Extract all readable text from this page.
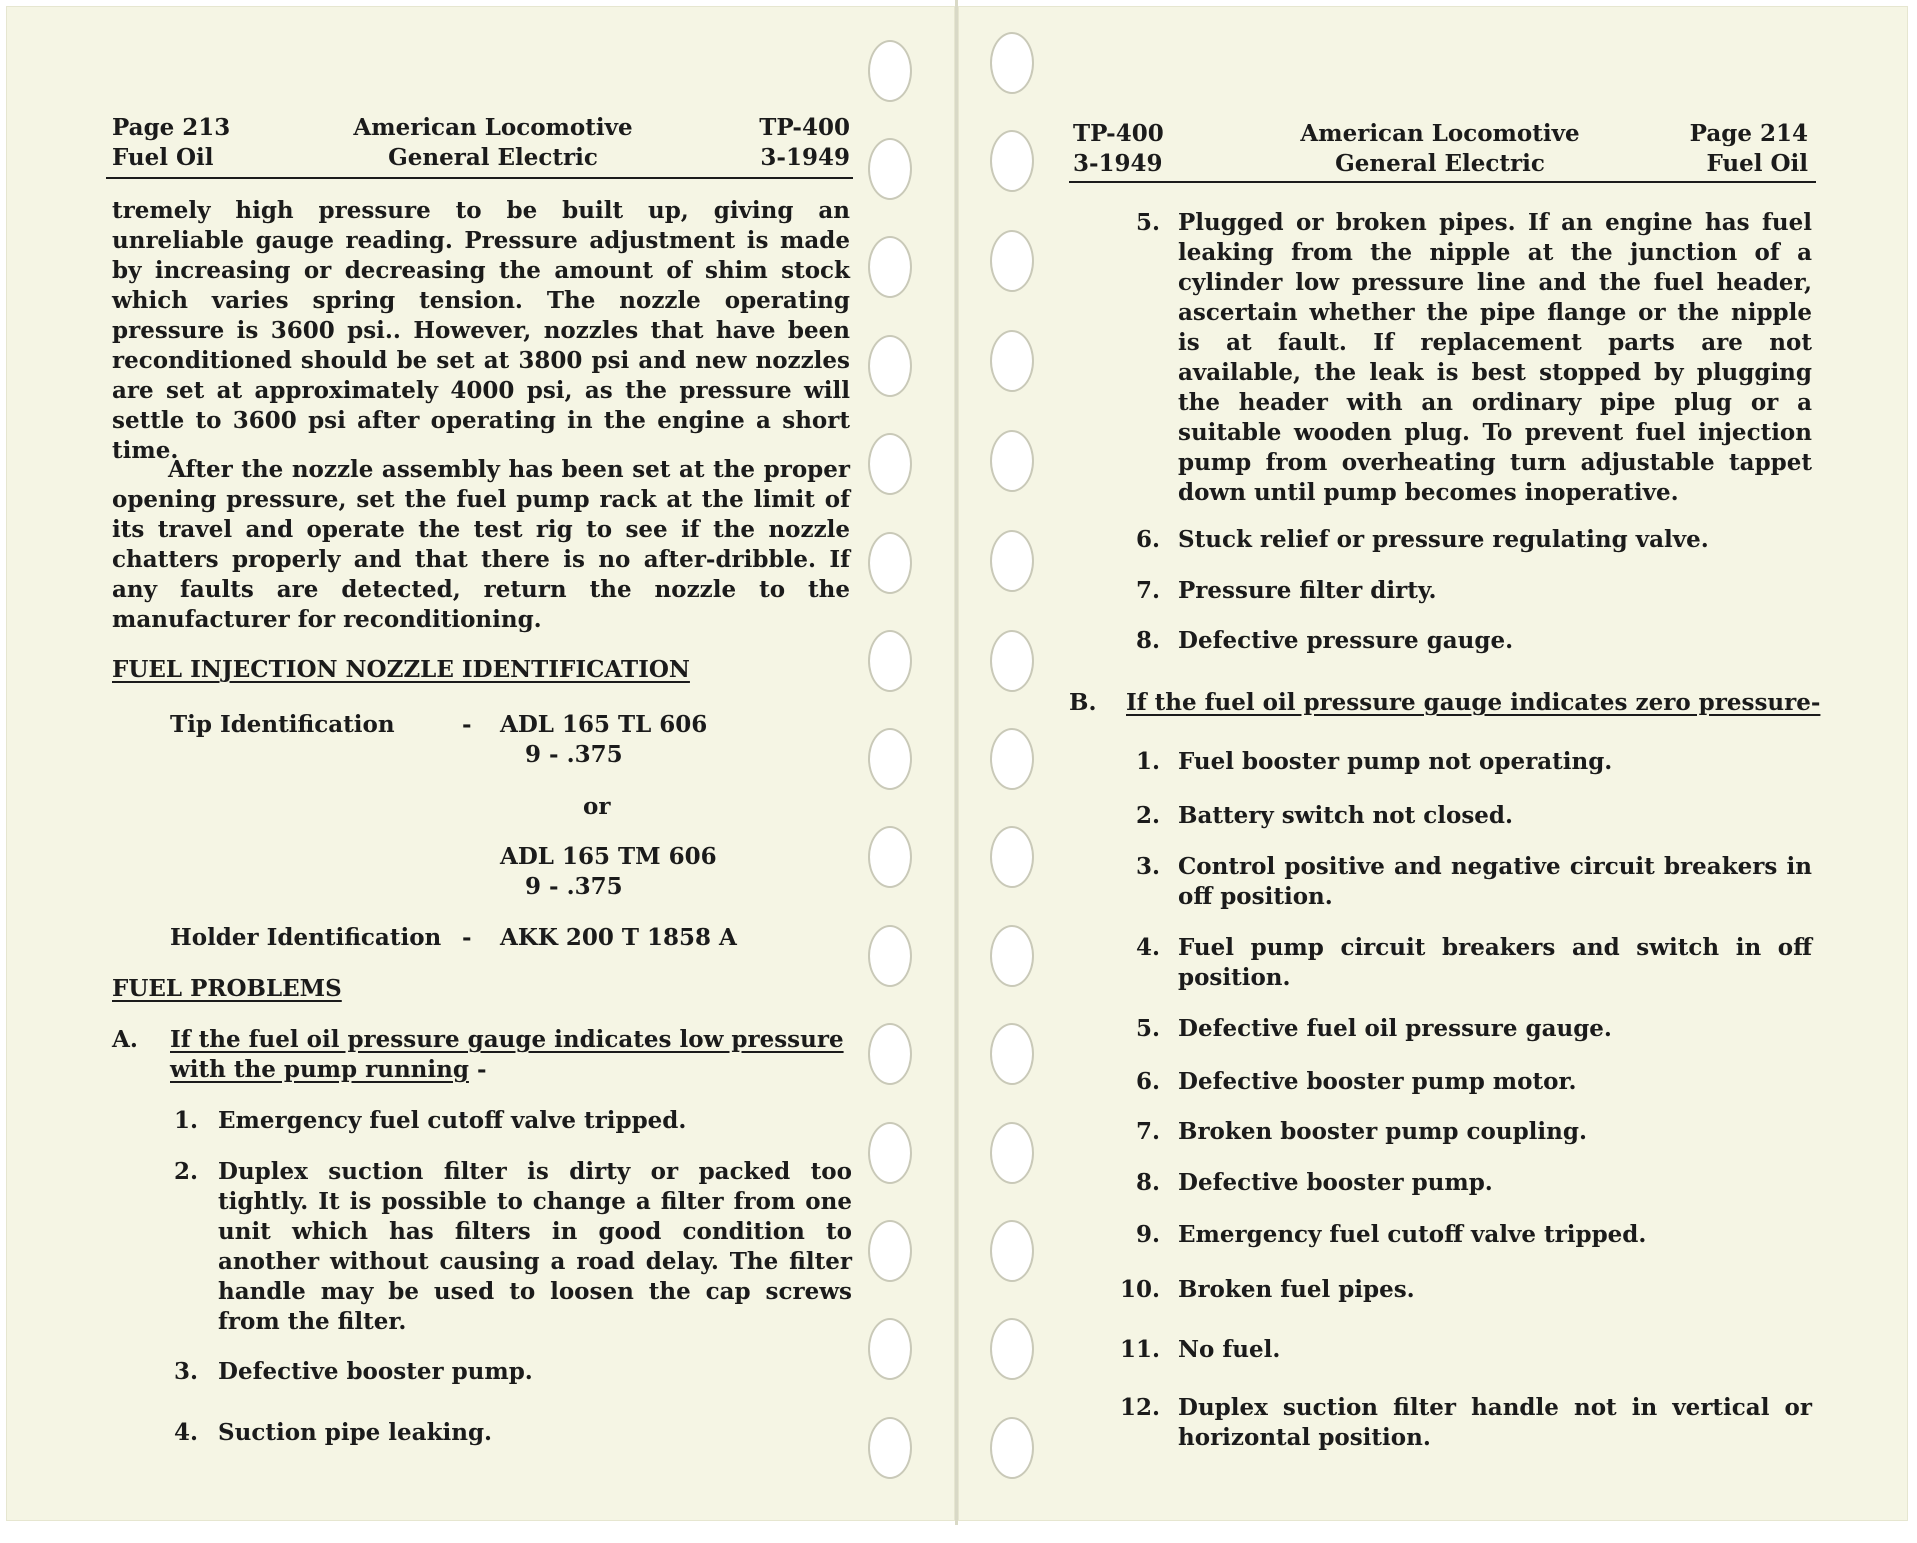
Page 213
Fuel Oil
American Locomotive
General Electric
TP-400
3-1949
tremely high pressure to be built up, giving an unreliable gauge reading. Pressure adjustment is made by increasing or decreasing the amount of shim stock which varies spring tension. The nozzle operating pressure is 3600 psi.. However, nozzles that have been reconditioned should be set at 3800 psi and new nozzles are set at approximately 4000 psi, as the pressure will settle to 3600 psi after operating in the engine a short time.
After the nozzle assembly has been set at the proper opening pressure, set the fuel pump rack at the limit of its travel and operate the test rig to see if the nozzle chatters properly and that there is no after-dribble. If any faults are detected, return the nozzle to the manufacturer for reconditioning.
FUEL INJECTION NOZZLE IDENTIFICATION
Tip Identification	- ADL 165 TL 606
9 - .375
or
ADL 165 TM 606
9 - .375
Holder Identification - AKK 200 T 1858 A
FUEL PROBLEMS
A. If the fuel oil pressure gauge indicates low pressure
with the pump running -
1. Emergency fuel cutoff valve tripped.
2. Duplex suction filter is dirty or packed too tightly. It is possible to change a filter from one unit which has filters in good condition to another without causing a road delay. The filter handle may be used to loosen the cap screws from the filter.
3. Defective booster pump.
4. Suction pipe leaking.
TP-400
3-1949
American Locomotive
General Electric
Page 214
Fuel Oil
5. Plugged or broken pipes. If an engine has fuel leaking from the nipple at the junction of a cylinder low pressure line and the fuel header, ascertain whether the pipe flange or the nipple is at fault. If replacement parts are not available, the leak is best stopped by plugging the header with an ordinary pipe plug or a suitable wooden plug. To prevent fuel injection pump from overheating turn adjustable tappet down until pump becomes inoperative.
6. Stuck relief or pressure regulating valve.
7. Pressure filter dirty.
8. Defective pressure gauge.
B. If the fuel oil pressure gauge indicates zero pressure-
1. Fuel booster pump not operating.
2. Battery switch not closed.
3. Control positive and negative circuit breakers in off position.
4. Fuel pump circuit breakers and switch in off position.
5. Defective fuel oil pressure gauge.
6. Defective booster pump motor.
7. Broken booster pump coupling.
8. Defective booster pump.
9. Emergency fuel cutoff valve tripped.
10. Broken fuel pipes.
11. No fuel.
12. Duplex suction filter handle not in vertical or horizontal position.
